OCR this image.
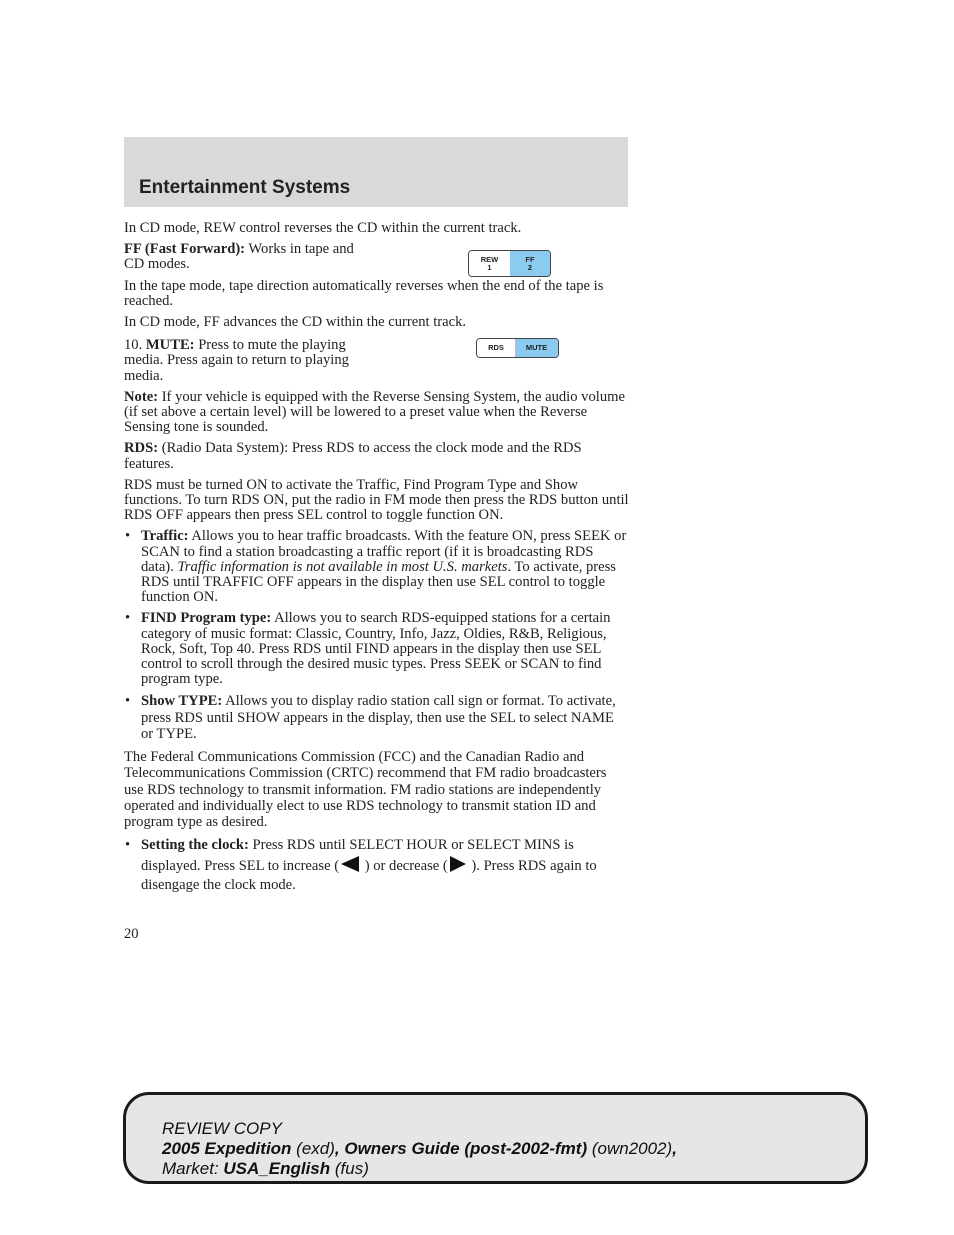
Entertainment Systems

In CD mode, REW control reverses the CD within the current track.

FF (Fast Forward): Works in tape and CD modes.	REW
1
FF
2

In the tape mode, tape direction automatically reverses when the end of the tape is reached.

In CD mode, FF advances the CD within the current track.

10. MUTE: Press to mute the playing media. Press again to return to playing media.

RDS	MUTE

Note: If your vehicle is equipped with the Reverse Sensing System, the audio volume (if set above a certain level) will be lowered to a preset value when the Reverse Sensing tone is sounded.

RDS: (Radio Data System): Press RDS to access the clock mode and the RDS features.

RDS must be turned ON to activate the Traffic, Find Program Type and Show functions. To turn RDS ON, put the radio in FM mode then press the RDS button until RDS OFF appears then press SEL control to toggle function ON.

• Traffic: Allows you to hear traffic broadcasts. With the feature ON, press SEEK or SCAN to find a station broadcasting a traffic report (if it is broadcasting RDS data). Traffic information is not available in most U.S. markets. To activate, press RDS until TRAFFIC OFF appears in the display then use SEL control to toggle function ON.
• FIND Program type: Allows you to search RDS-equipped stations for a certain category of music format: Classic, Country, Info, Jazz, Oldies, R&B, Religious, Rock, Soft, Top 40. Press RDS until FIND appears in the display then use SEL control to scroll through the desired music types. Press SEEK or SCAN to find program type.
• Show TYPE: Allows you to display radio station call sign or format. To activate, press RDS until SHOW appears in the display, then use the SEL to select NAME or TYPE.

The Federal Communications Commission (FCC) and the Canadian Radio and Telecommunications Commission (CRTC) recommend that FM radio broadcasters use RDS technology to transmit information. FM radio stations are independently operated and individually elect to use RDS technology to transmit station ID and program type as desired.

• Setting the clock: Press RDS until SELECT HOUR or SELECT MINS is displayed. Press SEL to increase ( ) or decrease ( ). Press RDS again to disengage the clock mode.
20
REVIEW COPY
2005 Expedition (exd), Owners Guide (post-2002-fmt) (own2002),
Market: USA_English (fus)
